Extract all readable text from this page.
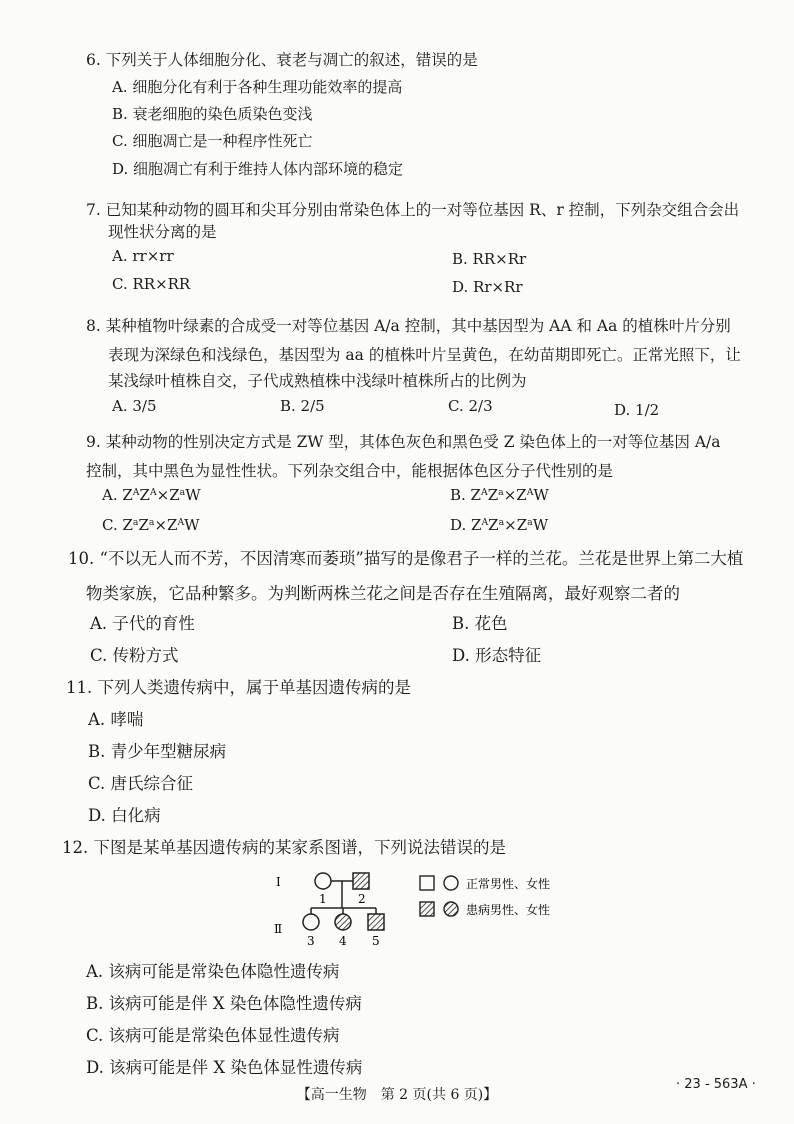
6. 下列关于人体细胞分化、衰老与凋亡的叙述，错误的是
A. 细胞分化有利于各种生理功能效率的提高
B. 衰老细胞的染色质染色变浅
C. 细胞凋亡是一种程序性死亡
D. 细胞凋亡有利于维持人体内部环境的稳定
7. 已知某种动物的圆耳和尖耳分别由常染色体上的一对等位基因 R、r 控制，下列杂交组合会出
现性状分离的是
A. rr×rr	B. RR×Rr
C. RR×RR	D. Rr×Rr
8. 某种植物叶绿素的合成受一对等位基因 A/a 控制，其中基因型为 AA 和 Aa 的植株叶片分别
表现为深绿色和浅绿色，基因型为 aa 的植株叶片呈黄色，在幼苗期即死亡。正常光照下，让
某浅绿叶植株自交，子代成熟植株中浅绿叶植株所占的比例为
A. 3/5	B. 2/5	C. 2/3	D. 1/2
9. 某种动物的性别决定方式是 ZW 型，其体色灰色和黑色受 Z 染色体上的一对等位基因 A/a
控制，其中黑色为显性性状。下列杂交组合中，能根据体色区分子代性别的是
A. $Z^AZ^A\times Z^aW$	B. $Z^AZ^a\times Z^AW$
C. $Z^aZ^a\times Z^AW$	D. $Z^AZ^a\times Z^aW$
10. “不以无人而不芳，不因清寒而萎琐”描写的是像君子一样的兰花。兰花是世界上第二大植
物类家族，它品种繁多。为判断两株兰花之间是否存在生殖隔离，最好观察二者的
A. 子代的育性	B. 花色
C. 传粉方式	D. 形态特征
11. 下列人类遗传病中，属于单基因遗传病的是
A. 哮喘
B. 青少年型糖尿病
C. 唐氏综合征
D. 白化病
12. 下图是某单基因遗传病的某家系图谱，下列说法错误的是
I
Ⅱ
1	2
3 4 5
正常男性、女性
患病男性、女性
A. 该病可能是常染色体隐性遗传病
B. 该病可能是伴 X 染色体隐性遗传病
C. 该病可能是常染色体显性遗传病
D. 该病可能是伴 X 染色体显性遗传病
【高一生物　第 2 页(共 6 页)】
· 23 - 563A ·
